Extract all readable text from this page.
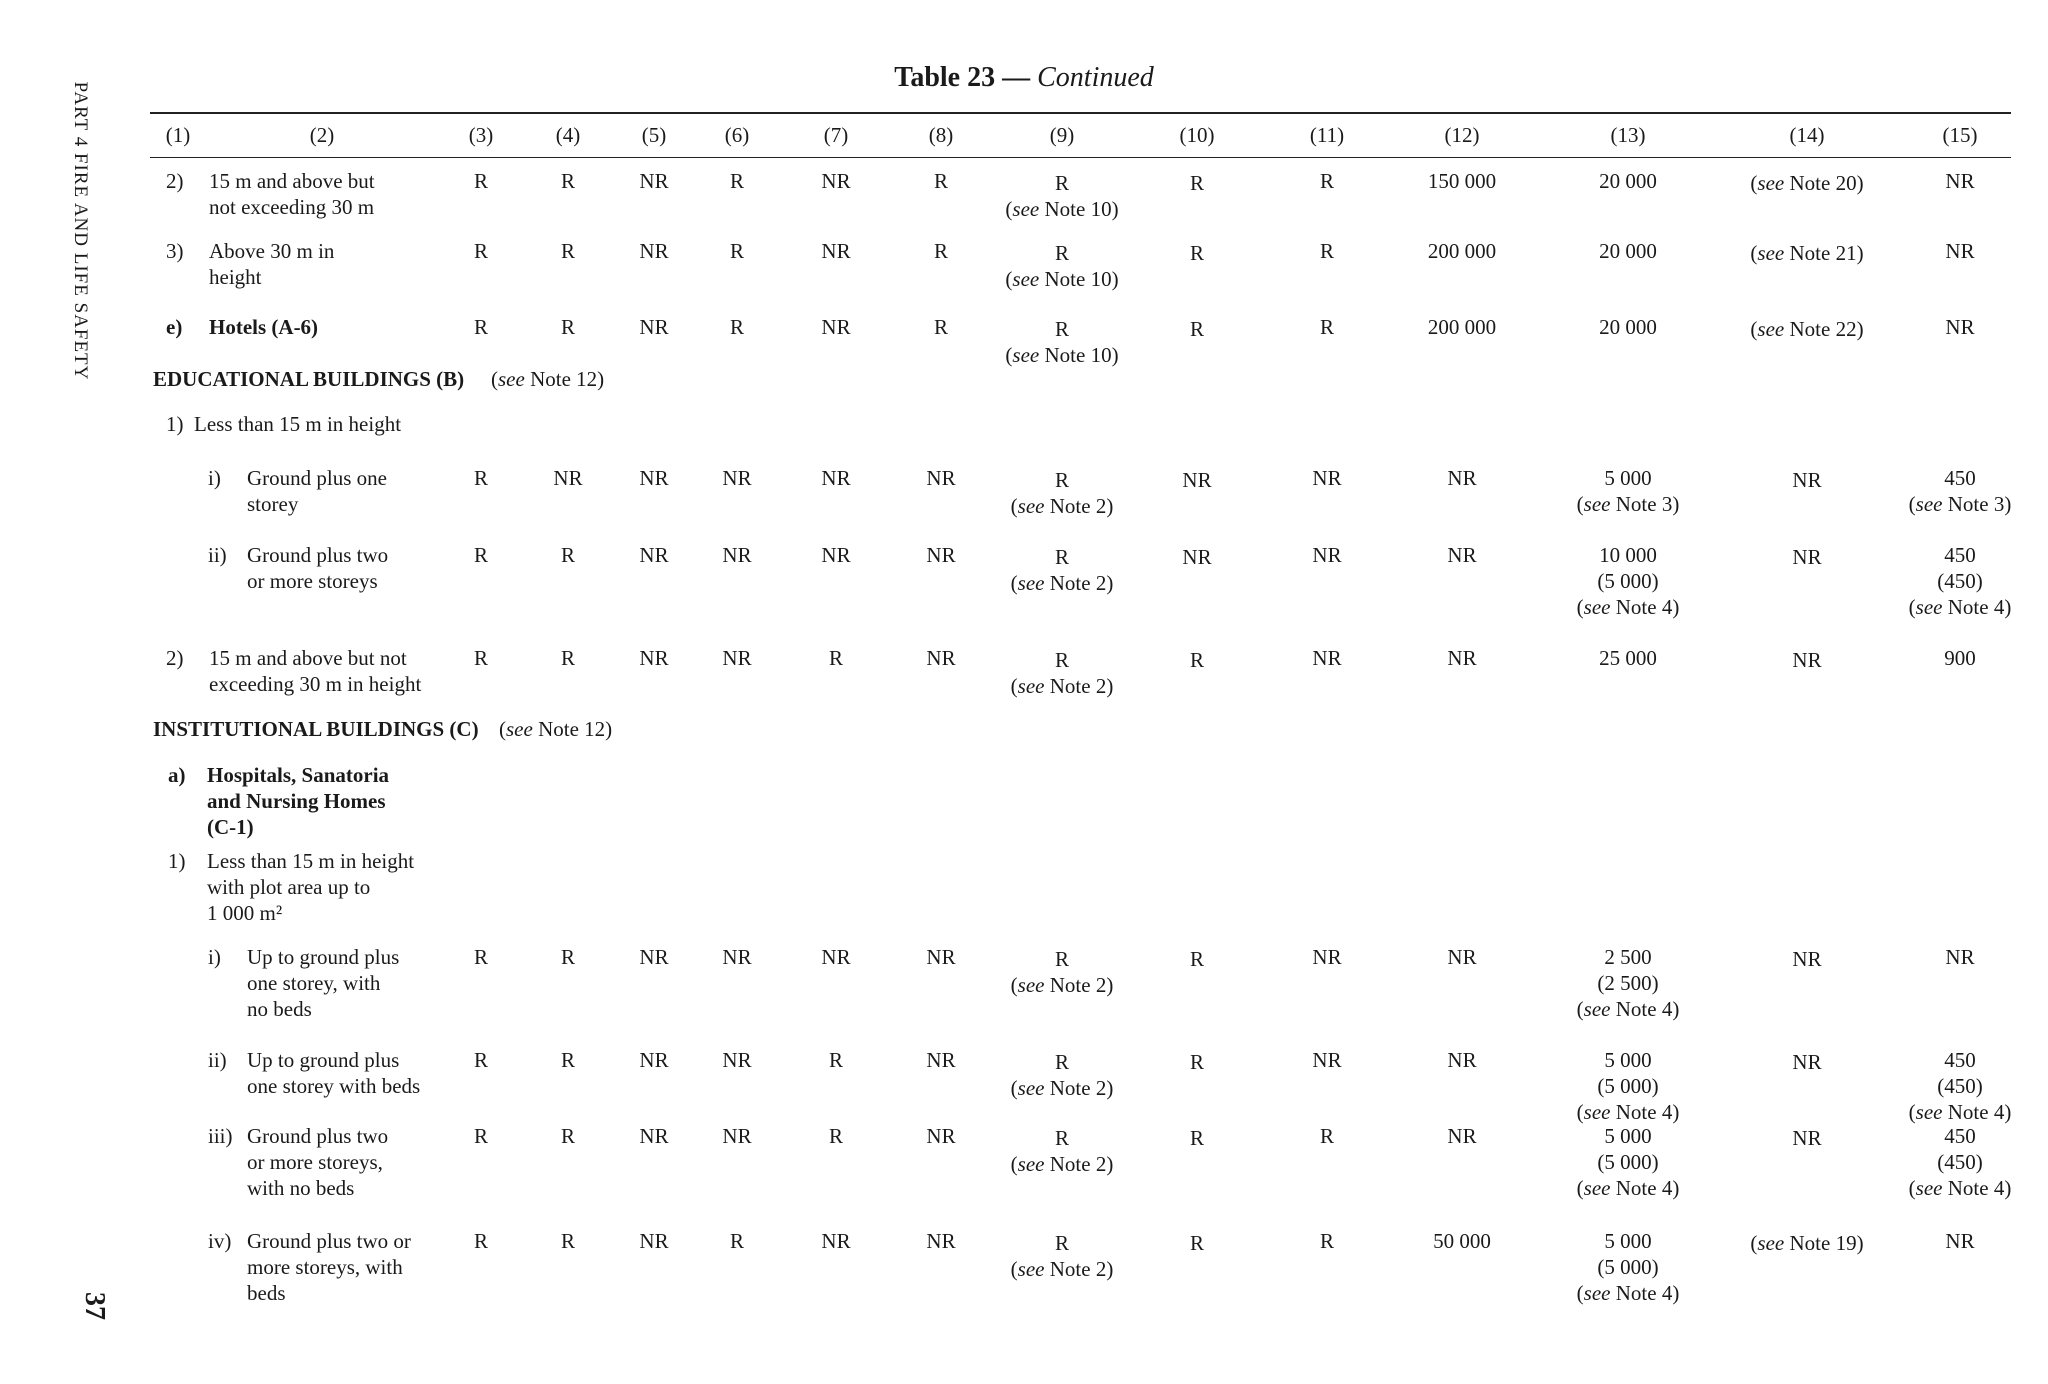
PART 4 FIRE AND LIFE SAFETY
37
Table 23 — Continued
(1)	(2)	(3)	(4)	(5)	(6)	(7)	(8)	(9)	(10)	(11)	(12)	(13)	(14)	(15)
2) 15 m and above but
not exceeding 30 m
R	R	NR	R	NR	R	R
(see Note 10)
R	R	150 000	20 000	(see Note 20)	NR
3) Above 30 m in
height
R	R	NR	R	NR	R	R
(see Note 10)
R	R	200 000	20 000	(see Note 21)	NR
e) Hotels (A-6)	R	R	NR	R	NR	R	R
(see Note 10)
R	R	200 000	20 000	(see Note 22)	NR
i) Ground plus one
storey
R	NR	NR	NR	NR	NR	R
(see Note 2)
NR	NR	NR	5 000
(see Note 3)
NR	450
(see Note 3)
ii) Ground plus two
or more storeys
R	R	NR	NR	NR	NR	R
(see Note 2)
NR	NR	NR	10 000
(5 000)
(see Note 4)
NR	450
(450)
(see Note 4)
2) 15 m and above but not
exceeding 30 m in height
R	R	NR	NR	R	NR	R
(see Note 2)
R	NR	NR	25 000	NR	900
i) Up to ground plus
one storey, with
no beds
R	R	NR	NR	NR	NR	R
(see Note 2)
R	NR	NR	2 500
(2 500)
(see Note 4)
NR	NR
ii) Up to ground plus
one storey with beds
R	R	NR	NR	R	NR	R
(see Note 2)
R	NR	NR	5 000
(5 000)
(see Note 4)
NR	450
(450)
(see Note 4)
iii) Ground plus two
or more storeys,
with no beds
R	R	NR	NR	R	NR	R
(see Note 2)
R	R	NR	5 000
(5 000)
(see Note 4)
NR	450
(450)
(see Note 4)
iv) Ground plus two or
more storeys, with
beds
R	R	NR	R	NR	NR	R
(see Note 2)
R	R	50 000	5 000
(5 000)
(see Note 4)
(see Note 19)	NR
EDUCATIONAL BUILDINGS (B) (see Note 12)
1)  Less than 15 m in height
INSTITUTIONAL BUILDINGS (C) (see Note 12)
a) Hospitals, Sanatoria
and Nursing Homes
(C-1)
1) Less than 15 m in height
with plot area up to
1 000 m²
